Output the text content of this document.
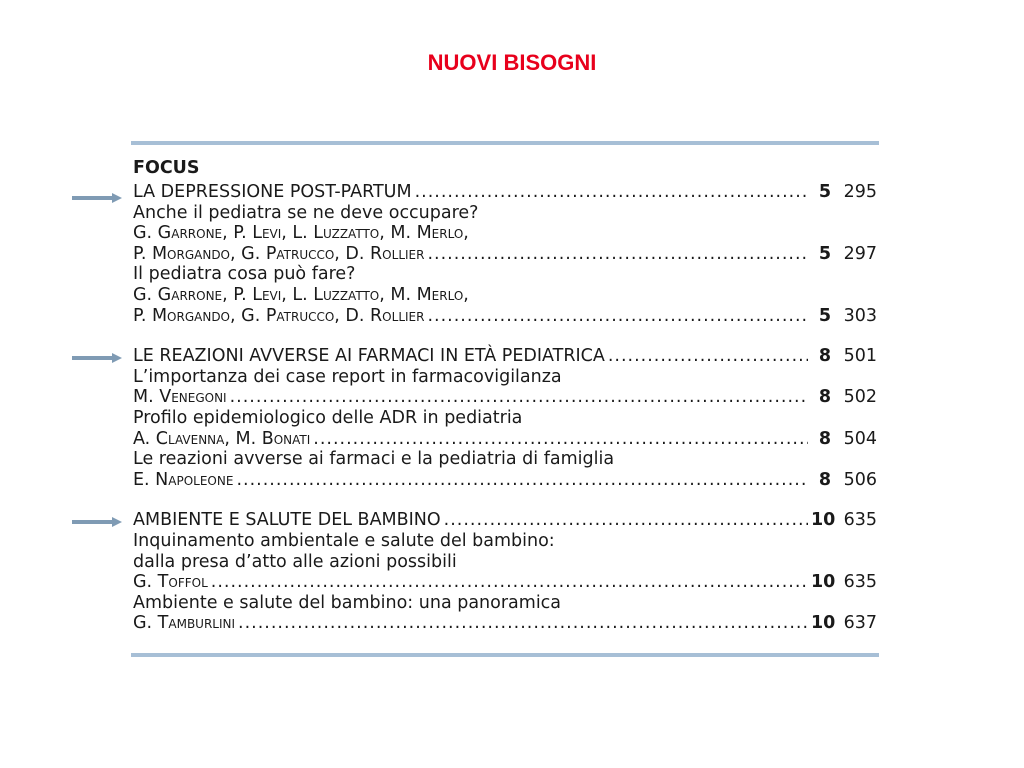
NUOVI BISOGNI
FOCUS
LA DEPRESSIONE POST-PARTUM .....	5 295
Anche il pediatra se ne deve occupare?
G. Garrone, P. Levi, L. Luzzatto, M. Merlo,
P. Morgando, G. Patrucco, D. Rollier .....	5 297
Il pediatra cosa può fare?
G. Garrone, P. Levi, L. Luzzatto, M. Merlo,
P. Morgando, G. Patrucco, D. Rollier .....	5 303
LE REAZIONI AVVERSE AI FARMACI IN ETÀ PEDIATRICA .....	8 501
L’importanza dei case report in farmacovigilanza
M. Venegoni .....	8 502
Profilo epidemiologico delle ADR in pediatria
A. Clavenna, M. Bonati .....	8 504
Le reazioni avverse ai farmaci e la pediatria di famiglia
E. Napoleone .....	8 506
AMBIENTE E SALUTE DEL BAMBINO .....	10 635
Inquinamento ambientale e salute del bambino:
dalla presa d’atto alle azioni possibili
G. Toffol .....	10 635
Ambiente e salute del bambino: una panoramica
G. Tamburlini .....	10 637
